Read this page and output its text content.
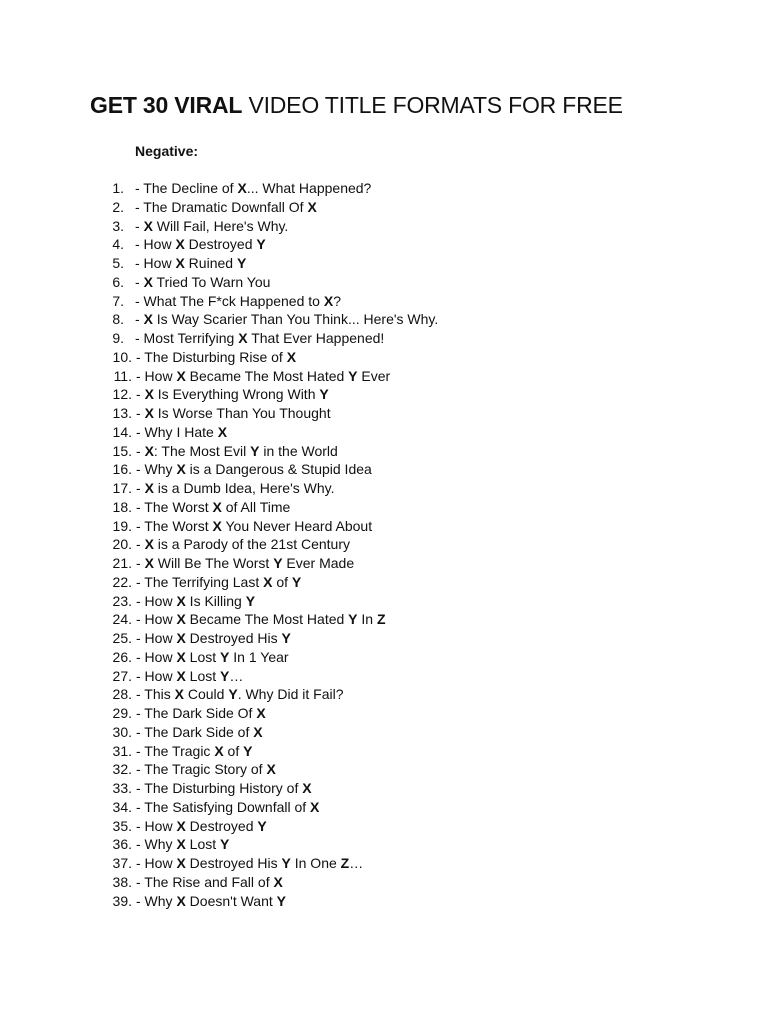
GET 30 VIRAL VIDEO TITLE FORMATS FOR FREE

Negative:

1. - The Decline of X... What Happened?
2. - The Dramatic Downfall Of X
3. - X Will Fail, Here's Why.
4. - How X Destroyed Y
5. - How X Ruined Y
6. - X Tried To Warn You
7. - What The F*ck Happened to X?
8. - X Is Way Scarier Than You Think... Here's Why.
9. - Most Terrifying X That Ever Happened!
10. - The Disturbing Rise of X
11. - How X Became The Most Hated Y Ever
12. - X Is Everything Wrong With Y
13. - X Is Worse Than You Thought
14. - Why I Hate X
15. - X: The Most Evil Y in the World
16. - Why X is a Dangerous & Stupid Idea
17. - X is a Dumb Idea, Here's Why.
18. - The Worst X of All Time
19. - The Worst X You Never Heard About
20. - X is a Parody of the 21st Century
21. - X Will Be The Worst Y Ever Made
22. - The Terrifying Last X of Y
23. - How X Is Killing Y
24. - How X Became The Most Hated Y In Z
25. - How X Destroyed His Y
26. - How X Lost Y In 1 Year
27. - How X Lost Y…
28. - This X Could Y. Why Did it Fail?
29. - The Dark Side Of X
30. - The Dark Side of X
31. - The Tragic X of Y
32. - The Tragic Story of X
33. - The Disturbing History of X
34. - The Satisfying Downfall of X
35. - How X Destroyed Y
36. - Why X Lost Y
37. - How X Destroyed His Y In One Z…
38. - The Rise and Fall of X
39. - Why X Doesn't Want Y
